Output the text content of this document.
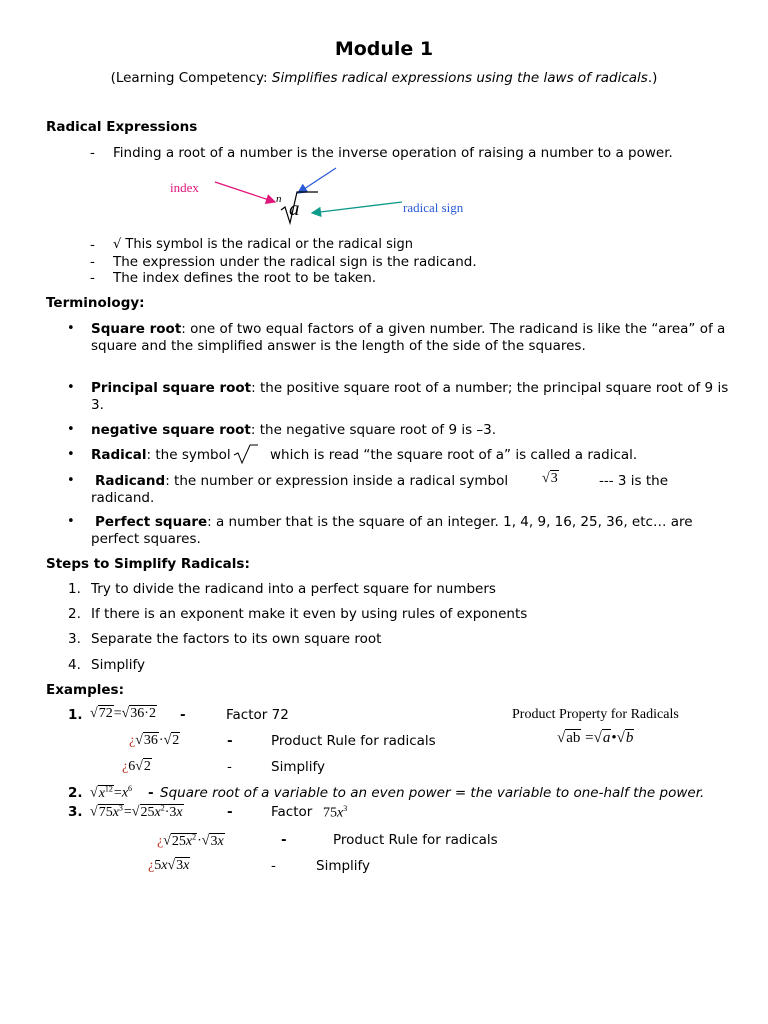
Module 1
(Learning Competency: Simplifies radical expressions using the laws of radicals.)
Radical Expressions
- Finding a root of a number is the inverse operation of raising a number to a power.
index
radical sign
n a
- √ This symbol is the radical or the radical sign
- The expression under the radical sign is the radicand.
- The index defines the root to be taken.
Terminology:
• Square root: one of two equal factors of a given number. The radicand is like the “area” of a square and the simplified answer is the length of the side of the squares.
• Principal square root: the positive square root of a number; the principal square root of 9 is 3.
• negative square root: the negative square root of 9 is –3.
• Radical: the symbol	which is read “the square root of a” is called a radical.
• Radicand: the number or expression inside a radical symbol	√3	--- 3 is the radicand.
• Perfect square: a number that is the square of an integer. 1, 4, 9, 16, 25, 36, etc… are perfect squares.
Steps to Simplify Radicals:
1. Try to divide the radicand into a perfect square for numbers
2. If there is an exponent make it even by using rules of exponents
3. Separate the factors to its own square root
4. Simplify
Examples:
1. √72=√36·2 -	Factor 72	Product Property for Radicals
√ab =√a•√b
¿√36·√2	-	Product Rule for radicals
¿6√2	-	Simplify
2. $√x^{12}=x^6$ - Square root of a variable to an even power = the variable to one-half the power.
3. $√75x^3=√25x^2\cdot 3x$	-	Factor $75x^3$
¿$√25x^2\cdot√3x$	-	Product Rule for radicals
¿5x√3x	-	Simplify
